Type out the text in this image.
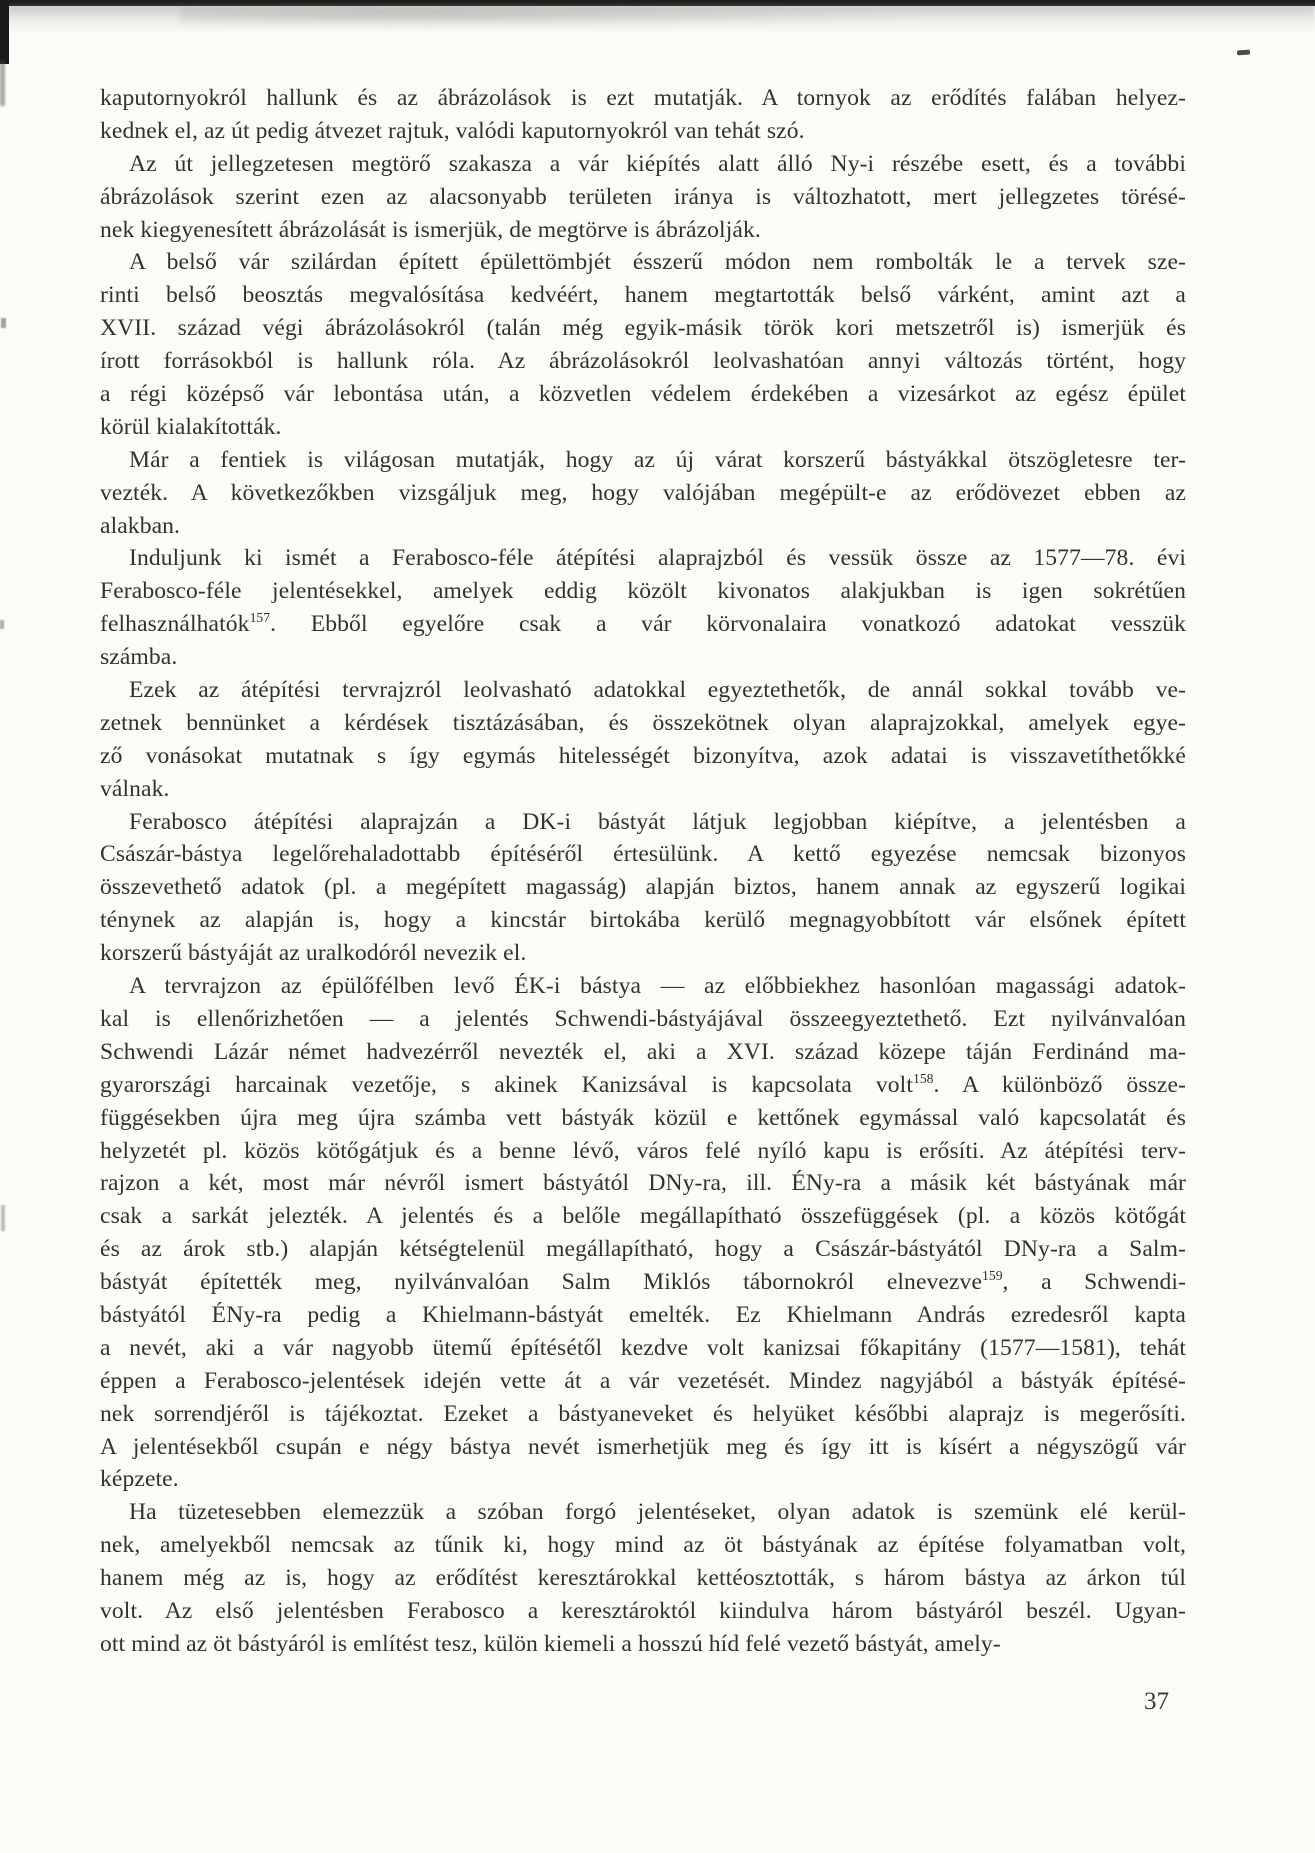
kaputornyokról hallunk és az ábrázolások is ezt mutatják. A tornyok az erődítés falában helyez-
kednek el, az út pedig átvezet rajtuk, valódi kaputornyokról van tehát szó.
Az út jellegzetesen megtörő szakasza a vár kiépítés alatt álló Ny-i részébe esett, és a további
ábrázolások szerint ezen az alacsonyabb területen iránya is változhatott, mert jellegzetes törésé-
nek kiegyenesített ábrázolását is ismerjük, de megtörve is ábrázolják.
A belső vár szilárdan épített épülettömbjét ésszerű módon nem rombolták le a tervek sze-
rinti belső beosztás megvalósítása kedvéért, hanem megtartották belső várként, amint azt a
XVII. század végi ábrázolásokról (talán még egyik-másik török kori metszetről is) ismerjük és
írott forrásokból is hallunk róla. Az ábrázolásokról leolvashatóan annyi változás történt, hogy
a régi középső vár lebontása után, a közvetlen védelem érdekében a vizesárkot az egész épület
körül kialakították.
Már a fentiek is világosan mutatják, hogy az új várat korszerű bástyákkal ötszögletesre ter-
vezték. A következőkben vizsgáljuk meg, hogy valójában megépült-e az erődövezet ebben az
alakban.
Induljunk ki ismét a Ferabosco-féle átépítési alaprajzból és vessük össze az 1577—78. évi
Ferabosco-féle jelentésekkel, amelyek eddig közölt kivonatos alakjukban is igen sokrétűen
felhasználhatók$^{157}$. Ebből egyelőre csak a vár körvonalaira vonatkozó adatokat vesszük
számba.
Ezek az átépítési tervrajzról leolvasható adatokkal egyeztethetők, de annál sokkal tovább ve-
zetnek bennünket a kérdések tisztázásában, és összekötnek olyan alaprajzokkal, amelyek egye-
ző vonásokat mutatnak s így egymás hitelességét bizonyítva, azok adatai is visszavetíthetőkké
válnak.
Ferabosco átépítési alaprajzán a DK-i bástyát látjuk legjobban kiépítve, a jelentésben a
Császár-bástya legelőrehaladottabb építéséről értesülünk. A kettő egyezése nemcsak bizonyos
összevethető adatok (pl. a megépített magasság) alapján biztos, hanem annak az egyszerű logikai
ténynek az alapján is, hogy a kincstár birtokába kerülő megnagyobbított vár elsőnek épített
korszerű bástyáját az uralkodóról nevezik el.
A tervrajzon az épülőfélben levő ÉK-i bástya — az előbbiekhez hasonlóan magassági adatok-
kal is ellenőrizhetően — a jelentés Schwendi-bástyájával összeegyeztethető. Ezt nyilvánvalóan
Schwendi Lázár német hadvezérről nevezték el, aki a XVI. század közepe táján Ferdinánd ma-
gyarországi harcainak vezetője, s akinek Kanizsával is kapcsolata volt$^{158}$. A különböző össze-
függésekben újra meg újra számba vett bástyák közül e kettőnek egymással való kapcsolatát és
helyzetét pl. közös kötőgátjuk és a benne lévő, város felé nyíló kapu is erősíti. Az átépítési terv-
rajzon a két, most már névről ismert bástyától DNy-ra, ill. ÉNy-ra a másik két bástyának már
csak a sarkát jelezték. A jelentés és a belőle megállapítható összefüggések (pl. a közös kötőgát
és az árok stb.) alapján kétségtelenül megállapítható, hogy a Császár-bástyától DNy-ra a Salm-
bástyát építették meg, nyilvánvalóan Salm Miklós tábornokról elnevezve$^{159}$, a Schwendi-
bástyától ÉNy-ra pedig a Khielmann-bástyát emelték. Ez Khielmann András ezredesről kapta
a nevét, aki a vár nagyobb ütemű építésétől kezdve volt kanizsai főkapitány (1577—1581), tehát
éppen a Ferabosco-jelentések idején vette át a vár vezetését. Mindez nagyjából a bástyák építésé-
nek sorrendjéről is tájékoztat. Ezeket a bástyaneveket és helyüket későbbi alaprajz is megerősíti.
A jelentésekből csupán e négy bástya nevét ismerhetjük meg és így itt is kísért a négyszögű vár
képzete.
Ha tüzetesebben elemezzük a szóban forgó jelentéseket, olyan adatok is szemünk elé kerül-
nek, amelyekből nemcsak az tűnik ki, hogy mind az öt bástyának az építése folyamatban volt,
hanem még az is, hogy az erődítést keresztárokkal kettéosztották, s három bástya az árkon túl
volt. Az első jelentésben Ferabosco a keresztároktól kiindulva három bástyáról beszél. Ugyan-
ott mind az öt bástyáról is említést tesz, külön kiemeli a hosszú híd felé vezető bástyát, amely-
37
